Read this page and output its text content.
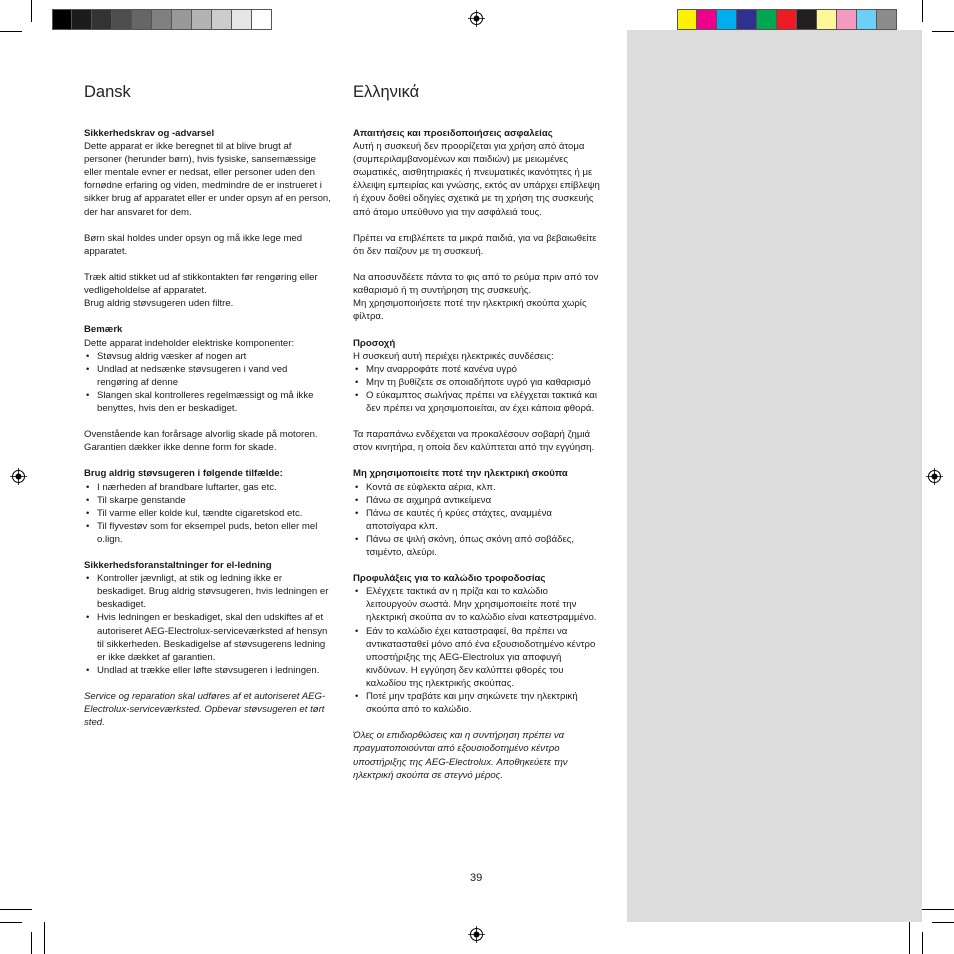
Dansk

Sikkerhedskrav og -advarsel

Dette apparat er ikke beregnet til at blive brugt af personer (herunder børn), hvis fysiske, sansemæssige eller mentale evner er nedsat, eller personer uden den fornødne erfaring og viden, medmindre de er instrueret i sikker brug af apparatet eller er under opsyn af en person, der har ansvaret for dem.

Børn skal holdes under opsyn og må ikke lege med apparatet.

Træk altid stikket ud af stikkontakten før rengøring eller vedligeholdelse af apparatet.

Brug aldrig støvsugeren uden filtre.

Bemærk

Dette apparat indeholder elektriske komponenter:

• Støvsug aldrig væsker af nogen art
• Undlad at nedsænke støvsugeren i vand ved rengøring af denne
• Slangen skal kontrolleres regelmæssigt og må ikke benyttes, hvis den er beskadiget.

Ovenstående kan forårsage alvorlig skade på motoren. Garantien dækker ikke denne form for skade.

Brug aldrig støvsugeren i følgende tilfælde:

• I nærheden af brandbare luftarter, gas etc.
• Til skarpe genstande
• Til varme eller kolde kul, tændte cigaretskod etc.
• Til flyvestøv som for eksempel puds, beton eller mel o.lign.

Sikkerhedsforanstaltninger for el-ledning

• Kontroller jævnligt, at stik og ledning ikke er beskadiget. Brug aldrig støvsugeren, hvis ledningen er beskadiget.
• Hvis ledningen er beskadiget, skal den udskiftes af et autoriseret AEG-Electrolux-serviceværksted af hensyn til sikkerheden. Beskadigelse af støvsugerens ledning er ikke dækket af garantien.
• Undlad at trække eller løfte støvsugeren i ledningen.

Service og reparation skal udføres af et autoriseret AEG-Electrolux-serviceværksted. Opbevar støvsugeren et tørt sted.

Ελληνικά

Απαιτήσεις και προειδοποιήσεις ασφαλείας

Αυτή η συσκευή δεν προορίζεται για χρήση από άτομα (συμπεριλαμβανομένων και παιδιών) με μειωμένες σωματικές, αισθητηριακές ή πνευματικές ικανότητες ή με έλλειψη εμπειρίας και γνώσης, εκτός αν υπάρχει επίβλεψη ή έχουν δοθεί οδηγίες σχετικά με τη χρήση της συσκευής από άτομο υπεύθυνο για την ασφάλειά τους.

Πρέπει να επιβλέπετε τα μικρά παιδιά, για να βεβαιωθείτε ότι δεν παίζουν με τη συσκευή.

Να αποσυνδέετε πάντα το φις από το ρεύμα πριν από τον καθαρισμό ή τη συντήρηση της συσκευής.

Μη χρησιμοποιήσετε ποτέ την ηλεκτρική σκούπα χωρίς φίλτρα.

Προσοχή

Η συσκευή αυτή περιέχει ηλεκτρικές συνδέσεις:

• Μην αναρροφάτε ποτέ κανένα υγρό
• Μην τη βυθίζετε σε οποιαδήποτε υγρό για καθαρισμό
• Ο εύκαμπτος σωλήνας πρέπει να ελέγχεται τακτικά και δεν πρέπει να χρησιμοποιείται, αν έχει κάποια φθορά.

Τα παραπάνω ενδέχεται να προκαλέσουν σοβαρή ζημιά στον κινητήρα, η οποία δεν καλύπτεται από την εγγύηση.

Μη χρησιμοποιείτε ποτέ την ηλεκτρική σκούπα

• Κοντά σε εύφλεκτα αέρια, κλπ.
• Πάνω σε αιχμηρά αντικείμενα
• Πάνω σε καυτές ή κρύες στάχτες, αναμμένα αποτσίγαρα κλπ.
• Πάνω σε ψιλή σκόνη, όπως σκόνη από σοβάδες, τσιμέντο, αλεύρι.

Προφυλάξεις για το καλώδιο τροφοδοσίας

• Ελέγχετε τακτικά αν η πρίζα και το καλώδιο λειτουργούν σωστά. Μην χρησιμοποιείτε ποτέ την ηλεκτρική σκούπα αν το καλώδιο είναι κατεστραμμένο.
• Εάν το καλώδιο έχει καταστραφεί, θα πρέπει να αντικατασταθεί μόνο από ένα εξουσιοδοτημένο κέντρο υποστήριξης της AEG-Electrolux για αποφυγή κινδύνων. Η εγγύηση δεν καλύπτει φθορές του καλωδίου της ηλεκτρικής σκούπας.
• Ποτέ μην τραβάτε και μην σηκώνετε την ηλεκτρική σκούπα από το καλώδιο.

Όλες οι επιδιορθώσεις και η συντήρηση πρέπει να πραγματοποιούνται από εξουσιοδοτημένο κέντρο υποστήριξης της AEG-Electrolux. Αποθηκεύετε την ηλεκτρική σκούπα σε στεγνό μέρος.

39
